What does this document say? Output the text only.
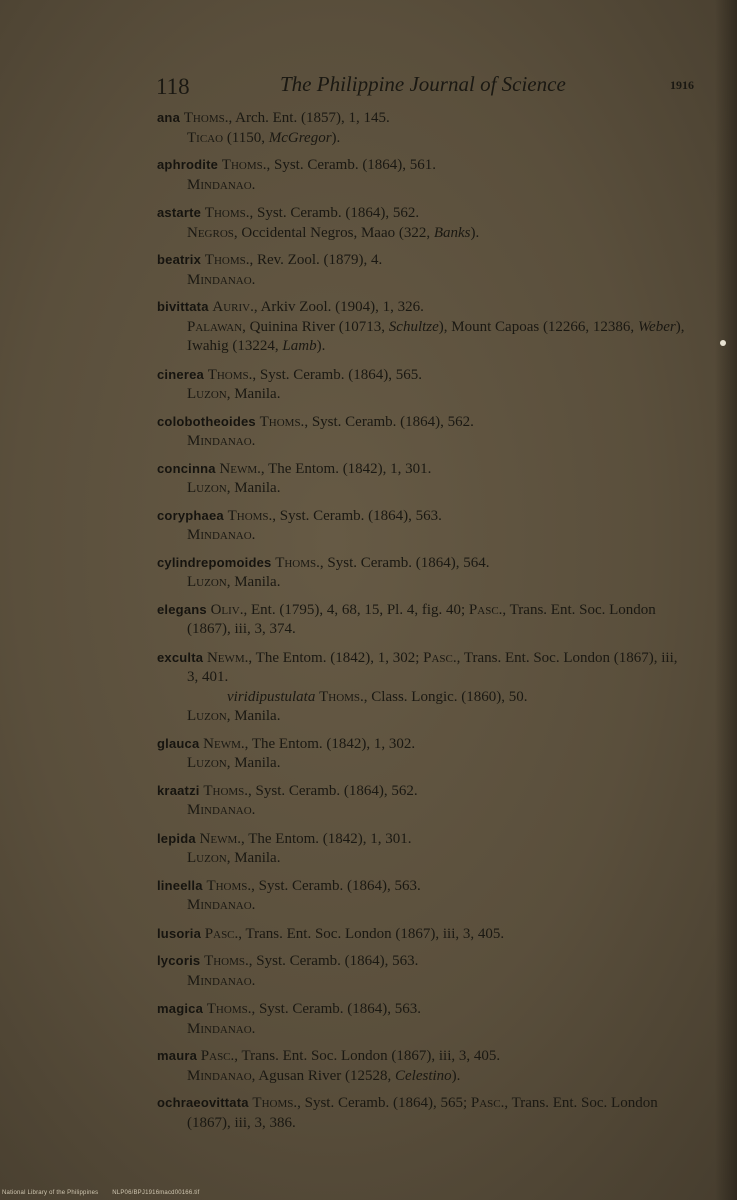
118	The Philippine Journal of Science	1916
ana Thoms., Arch. Ent. (1857), 1, 145.
Ticao (1150, McGregor).
aphrodite Thoms., Syst. Ceramb. (1864), 561.
Mindanao.
astarte Thoms., Syst. Ceramb. (1864), 562.
Negros, Occidental Negros, Maao (322, Banks).
beatrix Thoms., Rev. Zool. (1879), 4.
Mindanao.
bivittata Auriv., Arkiv Zool. (1904), 1, 326.
Palawan, Quinina River (10713, Schultze), Mount Capoas (12266, 12386, Weber), Iwahig (13224, Lamb).
cinerea Thoms., Syst. Ceramb. (1864), 565.
Luzon, Manila.
colobotheoides Thoms., Syst. Ceramb. (1864), 562.
Mindanao.
concinna Newm., The Entom. (1842), 1, 301.
Luzon, Manila.
coryphaea Thoms., Syst. Ceramb. (1864), 563.
Mindanao.
cylindrepomoides Thoms., Syst. Ceramb. (1864), 564.
Luzon, Manila.
elegans Oliv., Ent. (1795), 4, 68, 15, Pl. 4, fig. 40; Pasc., Trans. Ent. Soc. London (1867), iii, 3, 374.
exculta Newm., The Entom. (1842), 1, 302; Pasc., Trans. Ent. Soc. London (1867), iii, 3, 401.
viridipustulata Thoms., Class. Longic. (1860), 50.
Luzon, Manila.
glauca Newm., The Entom. (1842), 1, 302.
Luzon, Manila.
kraatzi Thoms., Syst. Ceramb. (1864), 562.
Mindanao.
lepida Newm., The Entom. (1842), 1, 301.
Luzon, Manila.
lineella Thoms., Syst. Ceramb. (1864), 563.
Mindanao.
lusoria Pasc., Trans. Ent. Soc. London (1867), iii, 3, 405.
lycoris Thoms., Syst. Ceramb. (1864), 563.
Mindanao.
magica Thoms., Syst. Ceramb. (1864), 563.
Mindanao.
maura Pasc., Trans. Ent. Soc. London (1867), iii, 3, 405.
Mindanao, Agusan River (12528, Celestino).
ochraeovittata Thoms., Syst. Ceramb. (1864), 565; Pasc., Trans. Ent. Soc. London (1867), iii, 3, 386.
National Library of the Philippines NLP06/BPJ1916macd00166.tif
